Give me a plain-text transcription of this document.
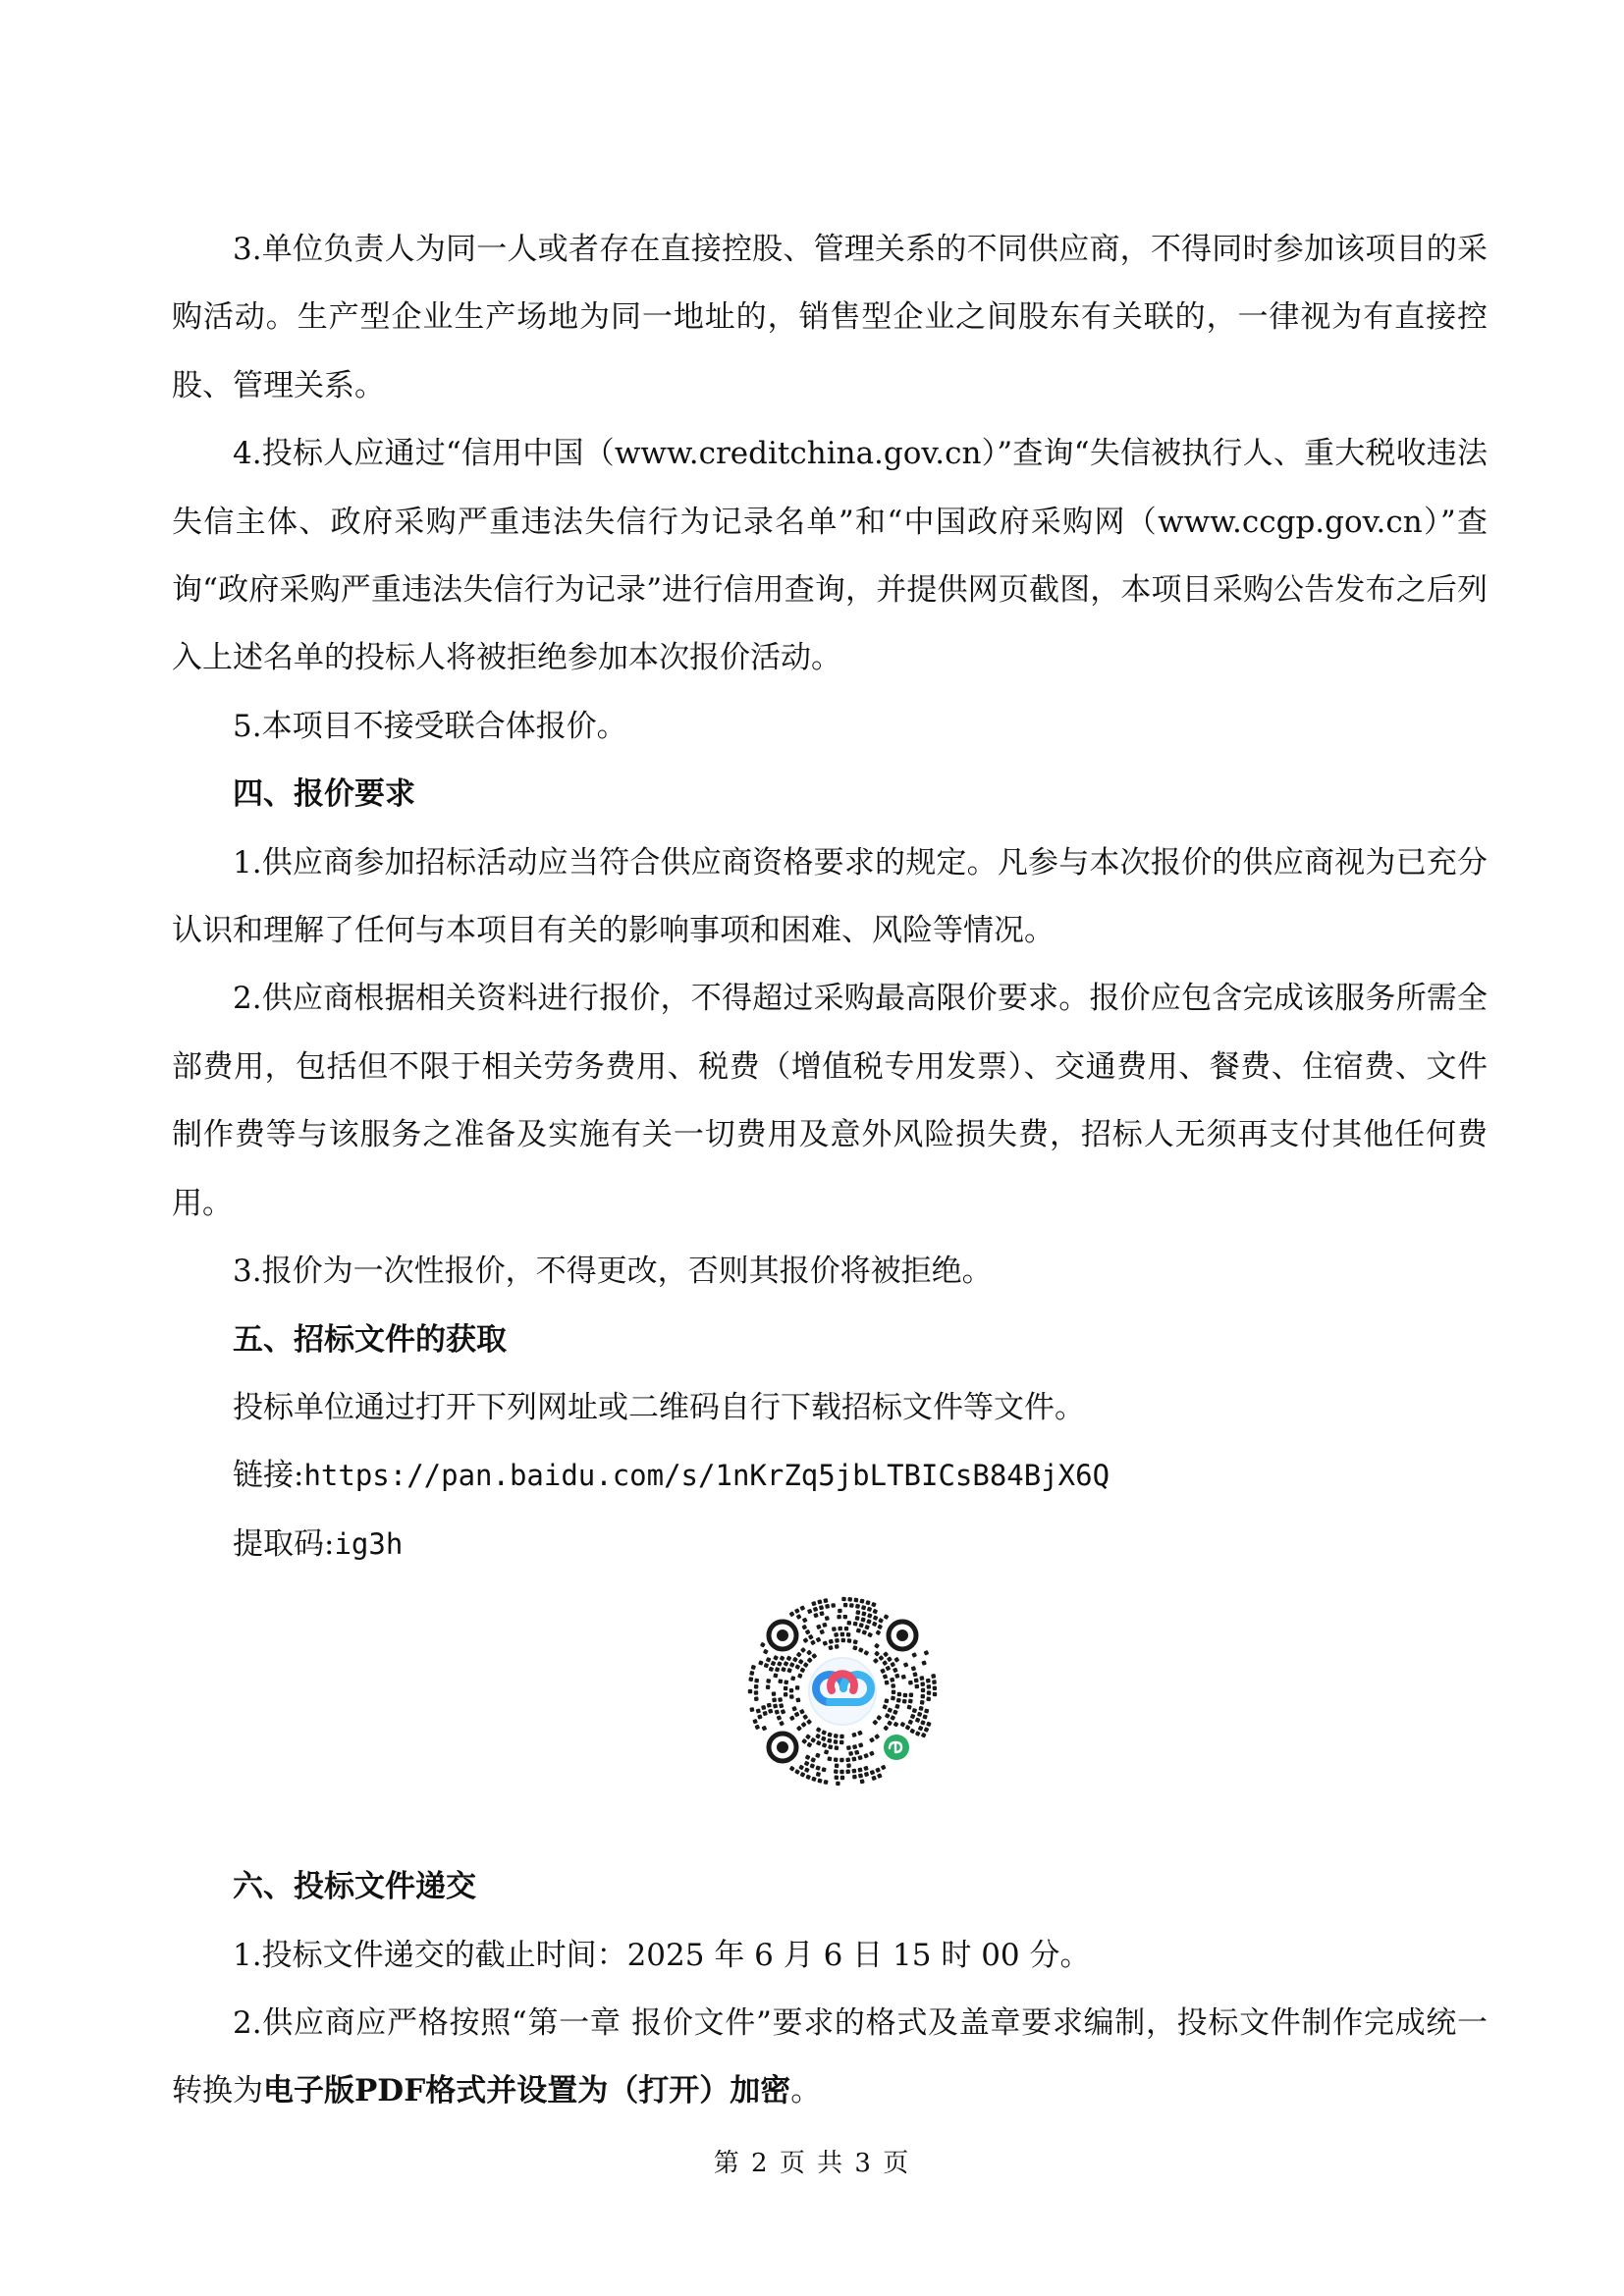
3.单位负责人为同一人或者存在直接控股、管理关系的不同供应商，不得同时参加该项目的采购活动。生产型企业生产场地为同一地址的，销售型企业之间股东有关联的，一律视为有直接控股、管理关系。

4.投标人应通过“信用中国（www.creditchina.gov.cn）”查询“失信被执行人、重大税收违法失信主体、政府采购严重违法失信行为记录名单”和“中国政府采购网（www.ccgp.gov.cn）”查询“政府采购严重违法失信行为记录”进行信用查询，并提供网页截图，本项目采购公告发布之后列入上述名单的投标人将被拒绝参加本次报价活动。

5.本项目不接受联合体报价。

四、报价要求

1.供应商参加招标活动应当符合供应商资格要求的规定。凡参与本次报价的供应商视为已充分认识和理解了任何与本项目有关的影响事项和困难、风险等情况。

2.供应商根据相关资料进行报价，不得超过采购最高限价要求。报价应包含完成该服务所需全部费用，包括但不限于相关劳务费用、税费（增值税专用发票）、交通费用、餐费、住宿费、文件制作费等与该服务之准备及实施有关一切费用及意外风险损失费，招标人无须再支付其他任何费用。

3.报价为一次性报价，不得更改，否则其报价将被拒绝。

五、招标文件的获取

投标单位通过打开下列网址或二维码自行下载招标文件等文件。

链接:https://pan.baidu.com/s/1nKrZq5jbLTBICsB84BjX6Q

提取码:ig3h

六、投标文件递交

1.投标文件递交的截止时间：2025 年 6 月 6 日 15 时 00 分。

2.供应商应严格按照“第一章 报价文件”要求的格式及盖章要求编制，投标文件制作完成统一转换为电子版PDF格式并设置为（打开）加密。

第 2 页 共 3 页
